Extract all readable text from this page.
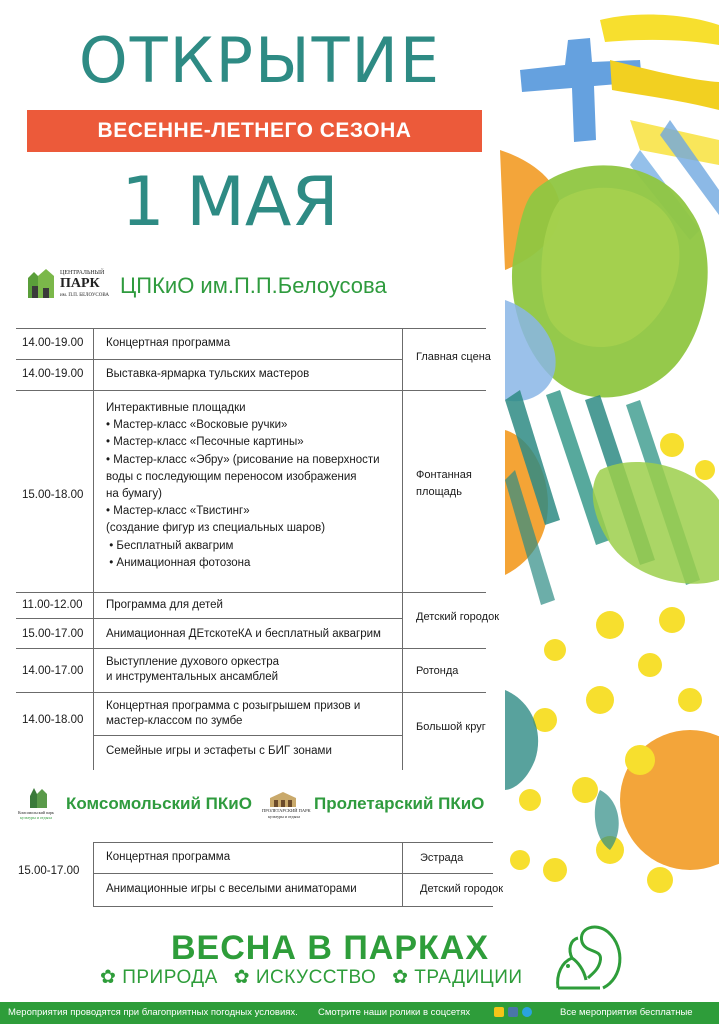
ОТКРЫТИЕ
ВЕСЕННЕ-ЛЕТНЕГО СЕЗОНА
1 МАЯ
ЦЕНТРАЛЬНЫЙ
ПАРК
им. П.П. БЕЛОУСОВА ЦПКиО им.П.П.Белоусова
14.00-19.00 Концертная программа
14.00-19.00 Выставка-ярмарка тульских мастеров
Главная сцена
15.00-18.00
Интерактивные площадки
• Мастер-класс «Восковые ручки»
• Мастер-класс «Песочные картины»
• Мастер-класс «Эбру» (рисование на поверхности
воды с последующим переносом изображения
на бумагу)
• Мастер-класс «Твистинг»
(создание фигур из специальных шаров)
• Бесплатный аквагрим
• Анимационная фотозона
Фонтанная
площадь
11.00-12.00 Программа для детей
15.00-17.00 Анимационная ДЕтскотеКА и бесплатный аквагрим
Детский городок
14.00-17.00
Выступление духового оркестра
и инструментальных ансамблей	Ротонда
14.00-18.00
Концертная программа с розыгрышем призов и
мастер-классом по зумбе
Семейные игры и эстафеты с БИГ зонами
Большой круг
Комсомольский парк
культуры и отдыха
Комсомольский ПКиО ПРОЛЕТАРСКИЙ ПАРК
культуры и отдыха
Пролетарский ПКиО
15.00-17.00
Концертная программа
Анимационные игры с веселыми аниматорами
Эстрада
Детский городок
ВЕСНА В ПАРКАХ
✿ ПРИРОДА ✿ ИСКУССТВО ✿ ТРАДИЦИИ
Мероприятия проводятся при благоприятных погодных условиях. Смотрите наши ролики в соцсетях	Все мероприятия бесплатные
